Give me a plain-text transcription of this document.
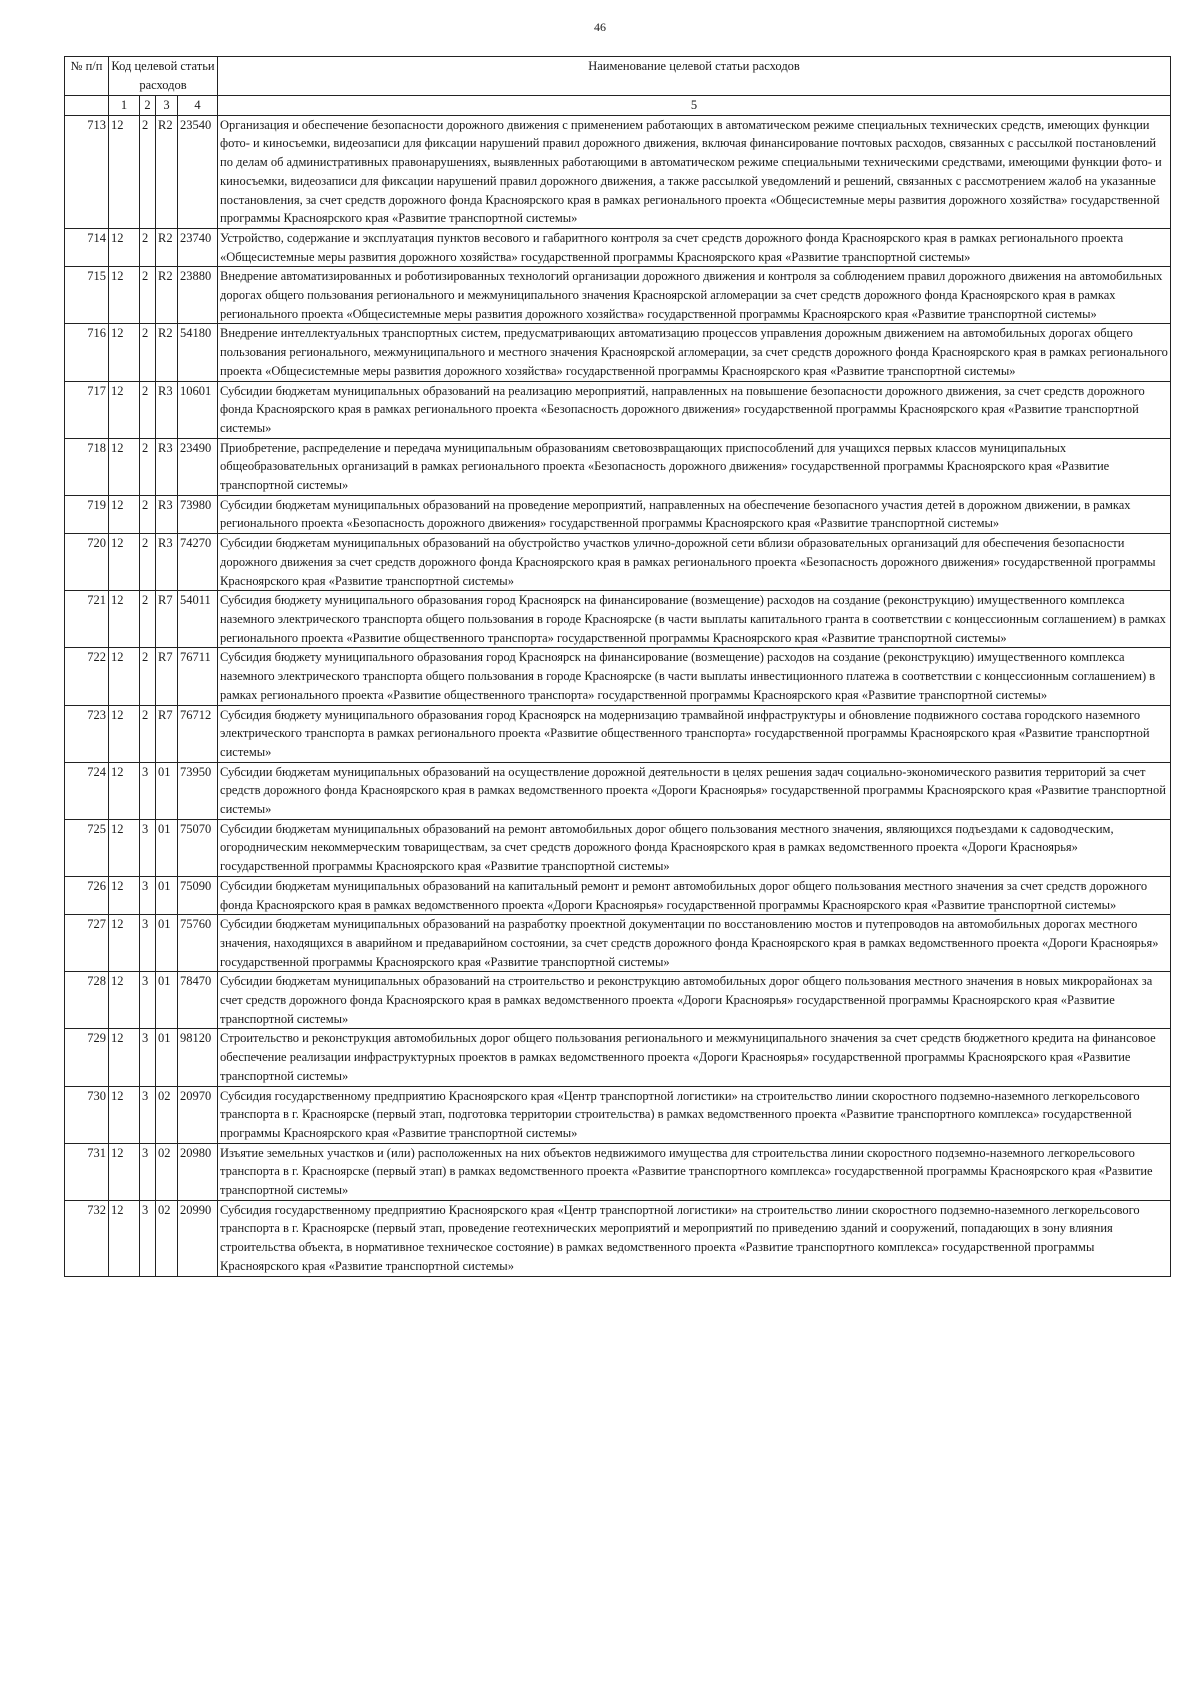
46
№ п/п	Код целевой статьи расходов				Наименование целевой статьи расходов
	1	2	3	4	5
713	12	2	R2	23540	Организация и обеспечение безопасности дорожного движения с применением работающих в автоматическом режиме специальных технических средств, имеющих функции фото- и киносъемки, видеозаписи для фиксации нарушений правил дорожного движения, включая финансирование почтовых расходов, связанных с рассылкой постановлений по делам об административных правонарушениях, выявленных работающими в автоматическом режиме специальными техническими средствами, имеющими функции фото- и киносъемки, видеозаписи для фиксации нарушений правил дорожного движения, а также рассылкой уведомлений и решений, связанных с рассмотрением жалоб на указанные постановления, за счет средств дорожного фонда Красноярского края в рамках регионального проекта «Общесистемные меры развития дорожного хозяйства» государственной программы Красноярского края «Развитие транспортной системы»
714	12	2	R2	23740	Устройство, содержание и эксплуатация пунктов весового и габаритного контроля за счет средств дорожного фонда Красноярского края в рамках регионального проекта «Общесистемные меры развития дорожного хозяйства» государственной программы Красноярского края «Развитие транспортной системы»
715	12	2	R2	23880	Внедрение автоматизированных и роботизированных технологий организации дорожного движения и контроля за соблюдением правил дорожного движения на автомобильных дорогах общего пользования регионального и межмуниципального значения Красноярской агломерации за счет средств дорожного фонда Красноярского края в рамках регионального проекта «Общесистемные меры развития дорожного хозяйства» государственной программы Красноярского края «Развитие транспортной системы»
716	12	2	R2	54180	Внедрение интеллектуальных транспортных систем, предусматривающих автоматизацию процессов управления дорожным движением на автомобильных дорогах общего пользования регионального, межмуниципального и местного значения Красноярской агломерации, за счет средств дорожного фонда Красноярского края в рамках регионального проекта «Общесистемные меры развития дорожного хозяйства» государственной программы Красноярского края «Развитие транспортной системы»
717	12	2	R3	10601	Субсидии бюджетам муниципальных образований на реализацию мероприятий, направленных на повышение безопасности дорожного движения, за счет средств дорожного фонда Красноярского края в рамках регионального проекта «Безопасность дорожного движения» государственной программы Красноярского края «Развитие транспортной системы»
718	12	2	R3	23490	Приобретение, распределение и передача муниципальным образованиям световозвращающих приспособлений для учащихся первых классов муниципальных общеобразовательных организаций в рамках регионального проекта «Безопасность дорожного движения» государственной программы Красноярского края «Развитие транспортной системы»
719	12	2	R3	73980	Субсидии бюджетам муниципальных образований на проведение мероприятий, направленных на обеспечение безопасного участия детей в дорожном движении, в рамках регионального проекта «Безопасность дорожного движения» государственной программы Красноярского края «Развитие транспортной системы»
720	12	2	R3	74270	Субсидии бюджетам муниципальных образований на обустройство участков улично-дорожной сети вблизи образовательных организаций для обеспечения безопасности дорожного движения за счет средств дорожного фонда Красноярского края в рамках регионального проекта «Безопасность дорожного движения» государственной программы Красноярского края «Развитие транспортной системы»
721	12	2	R7	54011	Субсидия бюджету муниципального образования город Красноярск на финансирование (возмещение) расходов на создание (реконструкцию) имущественного комплекса наземного электрического транспорта общего пользования в городе Красноярске (в части выплаты капитального гранта в соответствии с концессионным соглашением) в рамках регионального проекта «Развитие общественного транспорта» государственной программы Красноярского края «Развитие транспортной системы»
722	12	2	R7	76711	Субсидия бюджету муниципального образования город Красноярск на финансирование (возмещение) расходов на создание (реконструкцию) имущественного комплекса наземного электрического транспорта общего пользования в городе Красноярске (в части выплаты инвестиционного платежа в соответствии с концессионным соглашением) в рамках регионального проекта «Развитие общественного транспорта» государственной программы Красноярского края «Развитие транспортной системы»
723	12	2	R7	76712	Субсидия бюджету муниципального образования город Красноярск на модернизацию трамвайной инфраструктуры и обновление подвижного состава городского наземного электрического транспорта в рамках регионального проекта «Развитие общественного транспорта» государственной программы Красноярского края «Развитие транспортной системы»
724	12	3	01	73950	Субсидии бюджетам муниципальных образований на осуществление дорожной деятельности в целях решения задач социально-экономического развития территорий за счет средств дорожного фонда Красноярского края в рамках ведомственного проекта «Дороги Красноярья» государственной программы Красноярского края «Развитие транспортной системы»
725	12	3	01	75070	Субсидии бюджетам муниципальных образований на ремонт автомобильных дорог общего пользования местного значения, являющихся подъездами к садоводческим, огородническим некоммерческим товариществам, за счет средств дорожного фонда Красноярского края в рамках ведомственного проекта «Дороги Красноярья» государственной программы Красноярского края «Развитие транспортной системы»
726	12	3	01	75090	Субсидии бюджетам муниципальных образований на капитальный ремонт и ремонт автомобильных дорог общего пользования местного значения за счет средств дорожного фонда Красноярского края в рамках ведомственного проекта «Дороги Красноярья» государственной программы Красноярского края «Развитие транспортной системы»
727	12	3	01	75760	Субсидии бюджетам муниципальных образований на разработку проектной документации по восстановлению мостов и путепроводов на автомобильных дорогах местного значения, находящихся в аварийном и предаварийном состоянии, за счет средств дорожного фонда Красноярского края в рамках ведомственного проекта «Дороги Красноярья» государственной программы Красноярского края «Развитие транспортной системы»
728	12	3	01	78470	Субсидии бюджетам муниципальных образований на строительство и реконструкцию автомобильных дорог общего пользования местного значения в новых микрорайонах за счет средств дорожного фонда Красноярского края в рамках ведомственного проекта «Дороги Красноярья» государственной программы Красноярского края «Развитие транспортной системы»
729	12	3	01	98120	Строительство и реконструкция автомобильных дорог общего пользования регионального и межмуниципального значения за счет средств бюджетного кредита на финансовое обеспечение реализации инфраструктурных проектов в рамках ведомственного проекта «Дороги Красноярья» государственной программы Красноярского края «Развитие транспортной системы»
730	12	3	02	20970	Субсидия государственному предприятию Красноярского края «Центр транспортной логистики» на строительство линии скоростного подземно-наземного легкорельсового транспорта в г. Красноярске (первый этап, подготовка территории строительства) в рамках ведомственного проекта «Развитие транспортного комплекса» государственной программы Красноярского края «Развитие транспортной системы»
731	12	3	02	20980	Изъятие земельных участков и (или) расположенных на них объектов недвижимого имущества для строительства линии скоростного подземно-наземного легкорельсового транспорта в г. Красноярске (первый этап) в рамках ведомственного проекта «Развитие транспортного комплекса» государственной программы Красноярского края «Развитие транспортной системы»
732	12	3	02	20990	Субсидия государственному предприятию Красноярского края «Центр транспортной логистики» на строительство линии скоростного подземно-наземного легкорельсового транспорта в г. Красноярске (первый этап, проведение геотехнических мероприятий и мероприятий по приведению зданий и сооружений, попадающих в зону влияния строительства объекта, в нормативное техническое состояние) в рамках ведомственного проекта «Развитие транспортного комплекса» государственной программы Красноярского края «Развитие транспортной системы»
